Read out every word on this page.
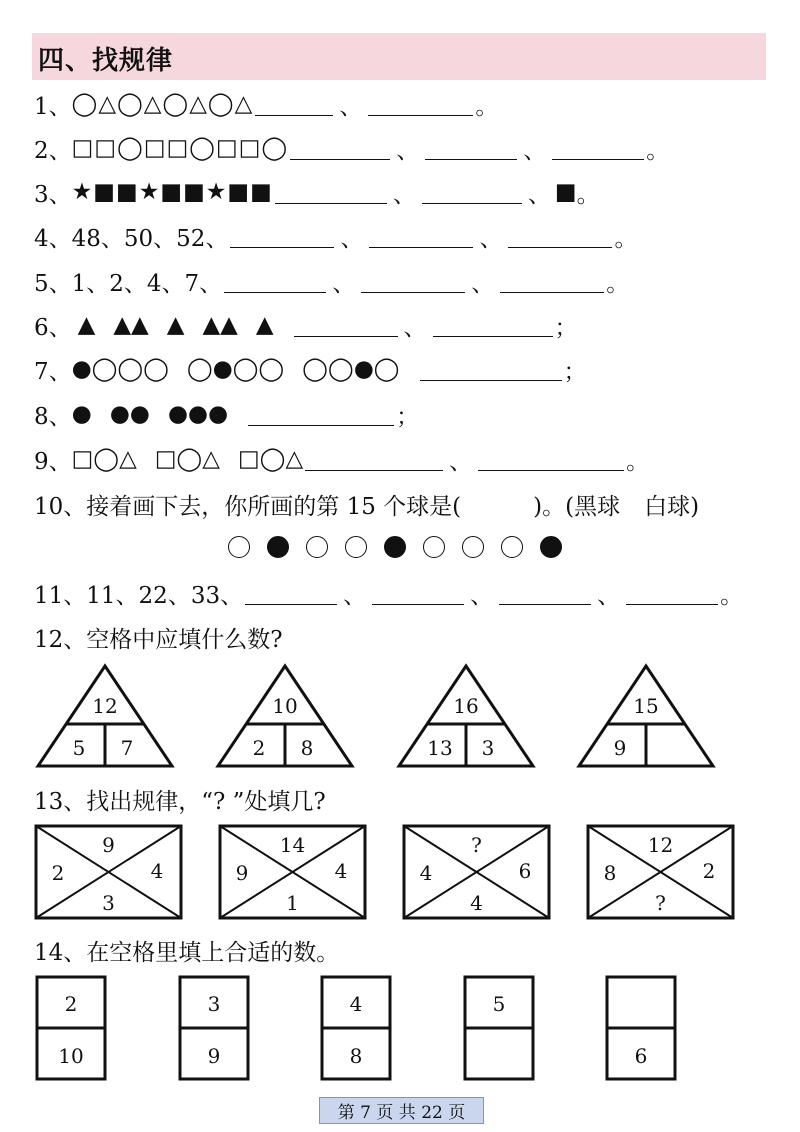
四、找规律
1、 ◯△◯△◯△◯△	、	。
2、 □□◯□□◯□□◯	、	、	。
3、 ★■■★■■★■■	、	、 ■ 。
4、 48、50、52、	、	、	。
5、 1、2、4、7、	、	、	。
6、 ▲ ▲▲ ▲ ▲▲ ▲	、	；
7、 ●◯◯◯ ◯●◯◯ ◯◯●◯	；
8、 ● ●● ●●●	；
9、 □◯△ □◯△ □◯△	、	。
10、 接着画下去，你所画的第 15 个球是(	)。(黑球 白球)
11、 11、22、33、	、	、	、	。
12、空格中应填什么数?
12
5 7
10
2 8
16
13 3
15
9
13、找出规律，“? ”处填几?
9
2	4
3
14
9	4
1
?
4	6
4
12
8	2
?
14、在空格里填上合适的数。
2
10
3
9
4
8
5
6
第 7 页 共 22 页
